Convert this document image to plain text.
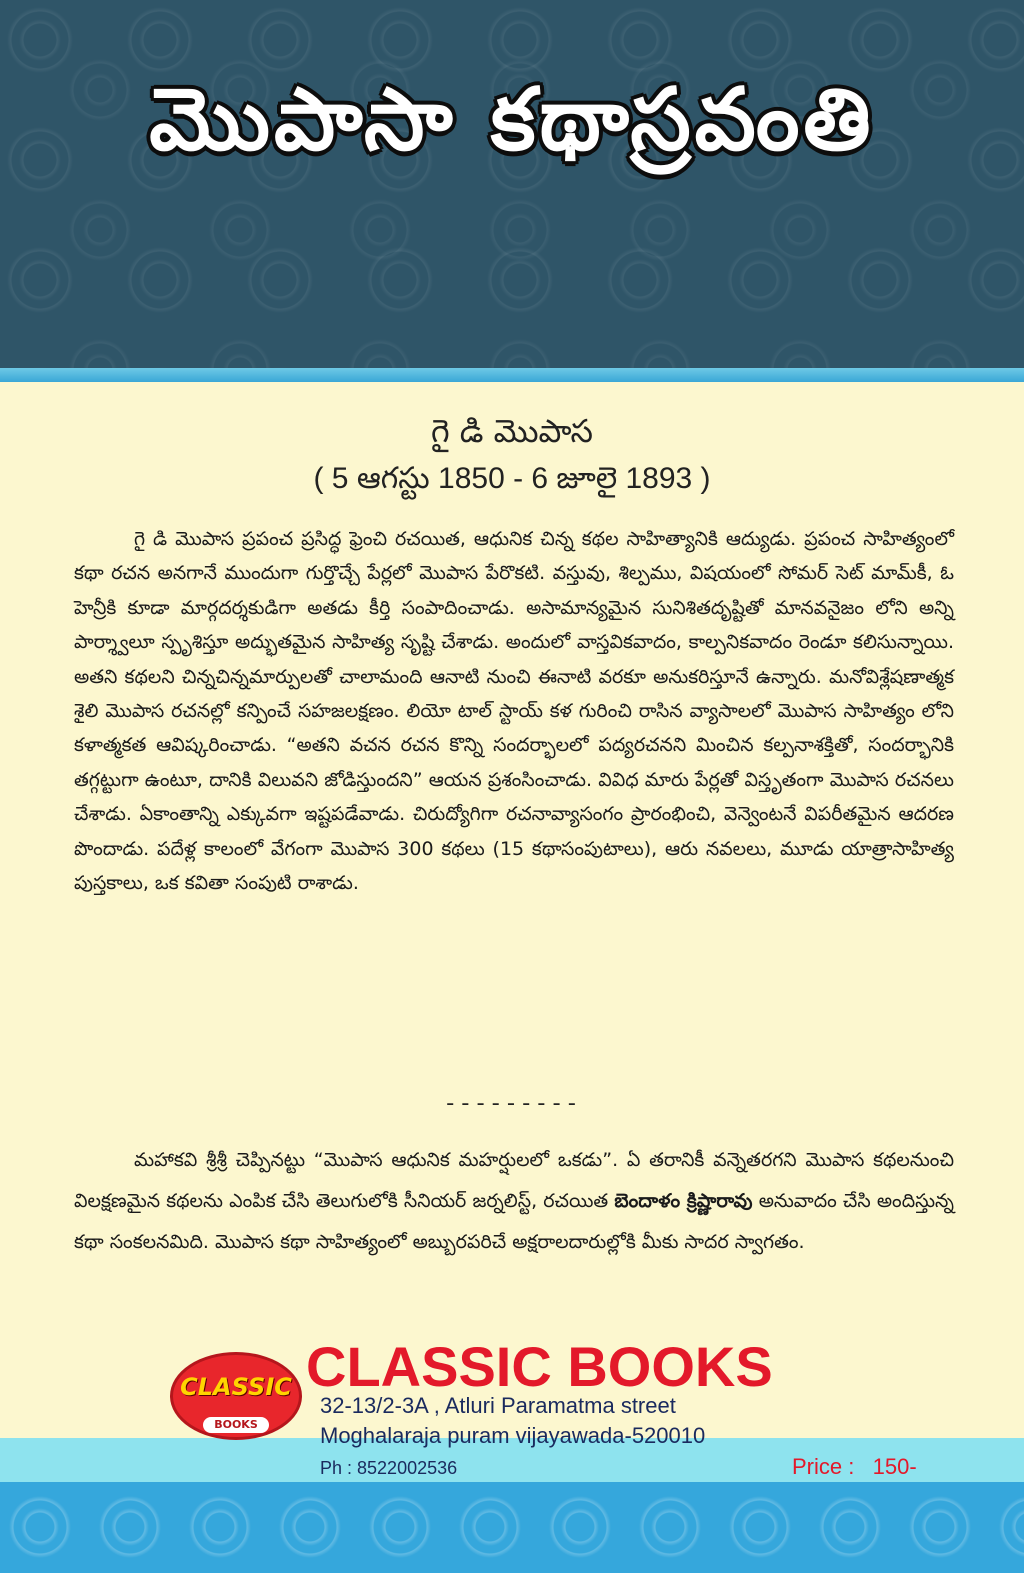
మొపాసా కథాస్రవంతి
గై డి మొపాస
( 5 ఆగస్టు 1850 - 6 జూలై 1893 )

గై డి మొపాస ప్రపంచ ప్రసిద్ధ ఫ్రెంచి రచయిత, ఆధునిక చిన్న కథల సాహిత్యానికి ఆద్యుడు. ప్రపంచ సాహిత్యంలో కథా రచన అనగానే ముందుగా గుర్తొచ్చే పేర్లలో మొపాస పేరొకటి. వస్తువు, శిల్పము, విషయంలో సోమర్ సెట్ మామ్‌కీ, ఓ హెన్రీకి కూడా మార్గదర్శకుడిగా అతడు కీర్తి సంపాదించాడు. అసామాన్యమైన సునిశితదృష్టితో మానవనైజం లోని అన్ని పార్శ్వాలూ స్పృశిస్తూ అద్భుతమైన సాహిత్య సృష్టి చేశాడు. అందులో వాస్తవికవాదం, కాల్పనికవాదం రెండూ కలిసున్నాయి. అతని కథలని చిన్నచిన్నమార్పులతో చాలామంది ఆనాటి నుంచి ఈనాటి వరకూ అనుకరిస్తూనే ఉన్నారు. మనోవిశ్లేషణాత్మక శైలి మొపాస రచనల్లో కన్పించే సహజలక్షణం. లియో టాల్ స్టాయ్ కళ గురించి రాసిన వ్యాసాలలో మొపాస సాహిత్యం లోని కళాత్మకత ఆవిష్కరించాడు. “అతని వచన రచన కొన్ని సందర్భాలలో పద్యరచనని మించిన కల్పనాశక్తితో, సందర్భానికి తగ్గట్టుగా ఉంటూ, దానికి విలువని జోడిస్తుందని” ఆయన ప్రశంసించాడు. వివిధ మారు పేర్లతో విస్తృతంగా మొపాస రచనలు చేశాడు. ఏకాంతాన్ని ఎక్కువగా ఇష్టపడేవాడు. చిరుద్యోగిగా రచనావ్యాసంగం ప్రారంభించి, వెన్వెంటనే విపరీతమైన ఆదరణ పొందాడు. పదేళ్ల కాలంలో వేగంగా మొపాస 300 కథలు (15 కథాసంపుటాలు), ఆరు నవలలు, మూడు యాత్రాసాహిత్య పుస్తకాలు, ఒక కవితా సంపుటి రాశాడు.

---------

మహాకవి శ్రీశ్రీ చెప్పినట్టు “మొపాస ఆధునిక మహర్షులలో ఒకడు”. ఏ తరానికీ వన్నెతరగని మొపాస కథలనుంచి విలక్షణమైన కథలను ఎంపిక చేసి తెలుగులోకి సీనియర్ జర్నలిస్ట్, రచయిత బెందాళం క్రిష్ణారావు అనువాదం చేసి అందిస్తున్న కథా సంకలనమిది. మొపాస కథా సాహిత్యంలో అబ్బురపరిచే అక్షరాలదారుల్లోకి మీకు సాదర స్వాగతం.

CLASSIC
BOOKS
CLASSIC BOOKS
32-13/2-3A , Atluri Paramatma street
Moghalaraja puram vijayawada-520010
Ph : 8522002536	Price :   150-
